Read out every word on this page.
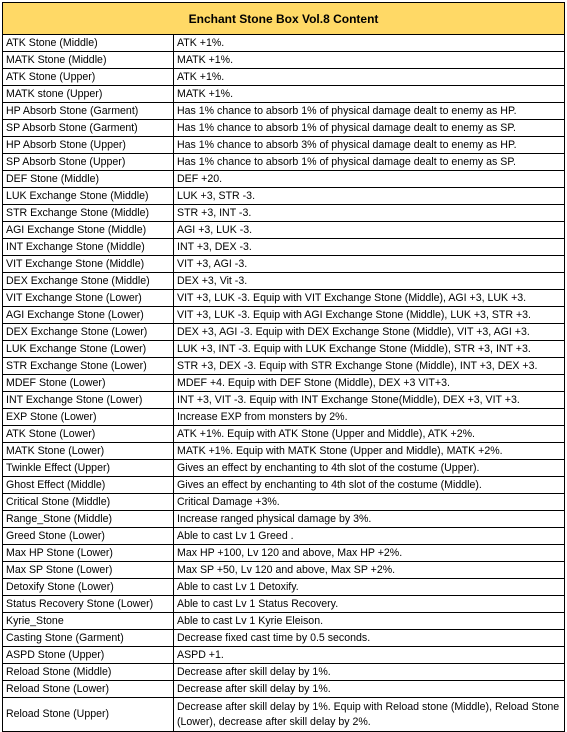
Enchant Stone Box Vol.8 Content	
ATK Stone (Middle)	ATK +1%.
MATK Stone (Middle)	MATK +1%.
ATK Stone (Upper)	ATK +1%.
MATK stone (Upper)	MATK +1%.
HP Absorb Stone (Garment)	Has 1% chance to absorb 1% of physical damage dealt to enemy as HP.
SP Absorb Stone (Garment)	Has 1% chance to absorb 1% of physical damage dealt to enemy as SP.
HP Absorb Stone (Upper)	Has 1% chance to absorb 3% of physical damage dealt to enemy as HP.
SP Absorb Stone (Upper)	Has 1% chance to absorb 1% of physical damage dealt to enemy as SP.
DEF Stone (Middle)	DEF +20.
LUK Exchange Stone (Middle)	LUK +3, STR -3.
STR Exchange Stone (Middle)	STR +3, INT -3.
AGI Exchange Stone (Middle)	AGI +3, LUK -3.
INT Exchange Stone (Middle)	INT +3, DEX -3.
VIT Exchange Stone (Middle)	VIT +3, AGI -3.
DEX Exchange Stone (Middle)	DEX +3, Vit -3.
VIT Exchange Stone (Lower)	VIT +3, LUK -3. Equip with VIT Exchange Stone (Middle), AGI +3, LUK +3.
AGI Exchange Stone (Lower)	VIT +3, LUK -3. Equip with AGI Exchange Stone (Middle), LUK +3, STR +3.
DEX Exchange Stone (Lower)	DEX +3, AGI -3. Equip with DEX Exchange Stone (Middle), VIT +3, AGI +3.
LUK Exchange Stone (Lower)	LUK +3, INT -3. Equip with LUK Exchange Stone (Middle), STR +3, INT +3.
STR Exchange Stone (Lower)	STR +3, DEX -3. Equip with STR Exchange Stone (Middle), INT +3, DEX +3.
MDEF Stone (Lower)	MDEF +4. Equip with DEF Stone (Middle), DEX +3 VIT+3.
INT Exchange Stone (Lower)	INT +3, VIT -3. Equip with INT Exchange Stone(Middle), DEX +3, VIT +3.
EXP Stone (Lower)	Increase EXP from monsters by 2%.
ATK Stone (Lower)	ATK +1%. Equip with ATK Stone (Upper and Middle), ATK +2%.
MATK Stone (Lower)	MATK +1%. Equip with MATK Stone (Upper and Middle), MATK +2%.
Twinkle Effect (Upper)	Gives an effect by enchanting to 4th slot of the costume (Upper).
Ghost Effect (Middle)	Gives an effect by enchanting to 4th slot of the costume (Middle).
Critical Stone (Middle)	Critical Damage +3%.
Range_Stone (Middle)	Increase ranged physical damage by 3%.
Greed Stone (Lower)	Able to cast Lv 1 Greed .
Max HP Stone (Lower)	Max HP +100, Lv 120 and above, Max HP +2%.
Max SP Stone (Lower)	Max SP +50, Lv 120 and above, Max SP +2%.
Detoxify Stone (Lower)	Able to cast Lv 1 Detoxify.
Status Recovery Stone (Lower)	Able to cast Lv 1 Status Recovery.
Kyrie_Stone	Able to cast Lv 1 Kyrie Eleison.
Casting Stone (Garment)	Decrease fixed cast time by 0.5 seconds.
ASPD Stone (Upper)	ASPD +1.
Reload Stone (Middle)	Decrease after skill delay by 1%.
Reload Stone (Lower)	Decrease after skill delay by 1%.
Reload Stone (Upper)	Decrease after skill delay by 1%. Equip with Reload stone (Middle), Reload Stone (Lower), decrease after skill delay by 2%.
